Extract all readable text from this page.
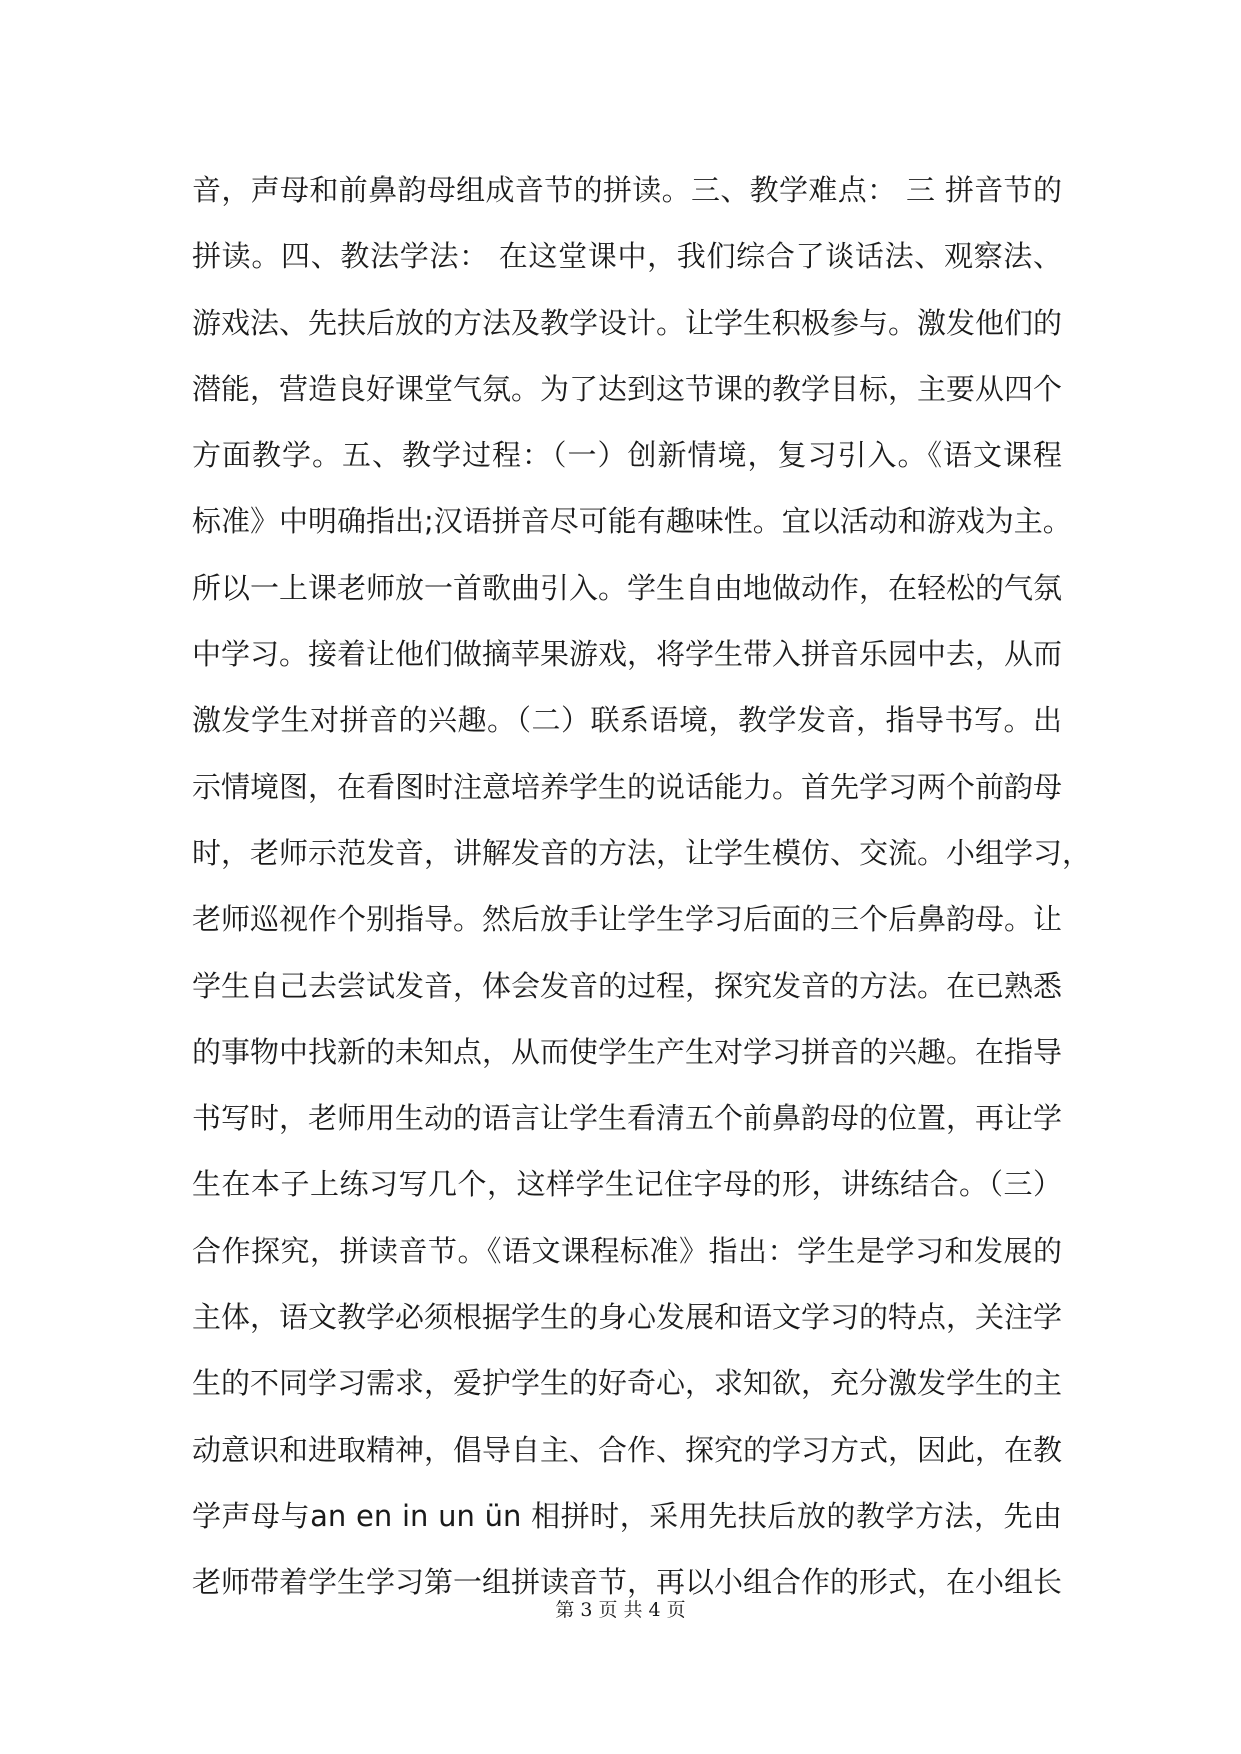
音，声母和前鼻韵母组成音节的拼读。三、教学难点： 三 拼音节的
拼读。四、教法学法： 在这堂课中，我们综合了谈话法、观察法、
游戏法、先扶后放的方法及教学设计。让学生积极参与。激发他们的
潜能，营造良好课堂气氛。为了达到这节课的教学目标，主要从四个
方面教学。五、教学过程：（一）创新情境，复习引入。《语文课程
标准》中明确指出;汉语拼音尽可能有趣味性。宜以活动和游戏为主。
所以一上课老师放一首歌曲引入。学生自由地做动作，在轻松的气氛
中学习。接着让他们做摘苹果游戏，将学生带入拼音乐园中去，从而
激发学生对拼音的兴趣。（二）联系语境，教学发音，指导书写。出
示情境图，在看图时注意培养学生的说话能力。首先学习两个前韵母
时，老师示范发音，讲解发音的方法，让学生模仿、交流。小组学习，
老师巡视作个别指导。然后放手让学生学习后面的三个后鼻韵母。让
学生自己去尝试发音，体会发音的过程，探究发音的方法。在已熟悉
的事物中找新的未知点，从而使学生产生对学习拼音的兴趣。在指导
书写时，老师用生动的语言让学生看清五个前鼻韵母的位置，再让学
生在本子上练习写几个，这样学生记住字母的形，讲练结合。（三）
合作探究，拼读音节。《语文课程标准》指出：学生是学习和发展的
主体，语文教学必须根据学生的身心发展和语文学习的特点，关注学
生的不同学习需求，爱护学生的好奇心，求知欲，充分激发学生的主
动意识和进取精神，倡导自主、合作、探究的学习方式，因此，在教
学声母与an en in un ün 相拼时，采用先扶后放的教学方法，先由
老师带着学生学习第一组拼读音节，再以小组合作的形式，在小组长
第 3 页 共 4 页
